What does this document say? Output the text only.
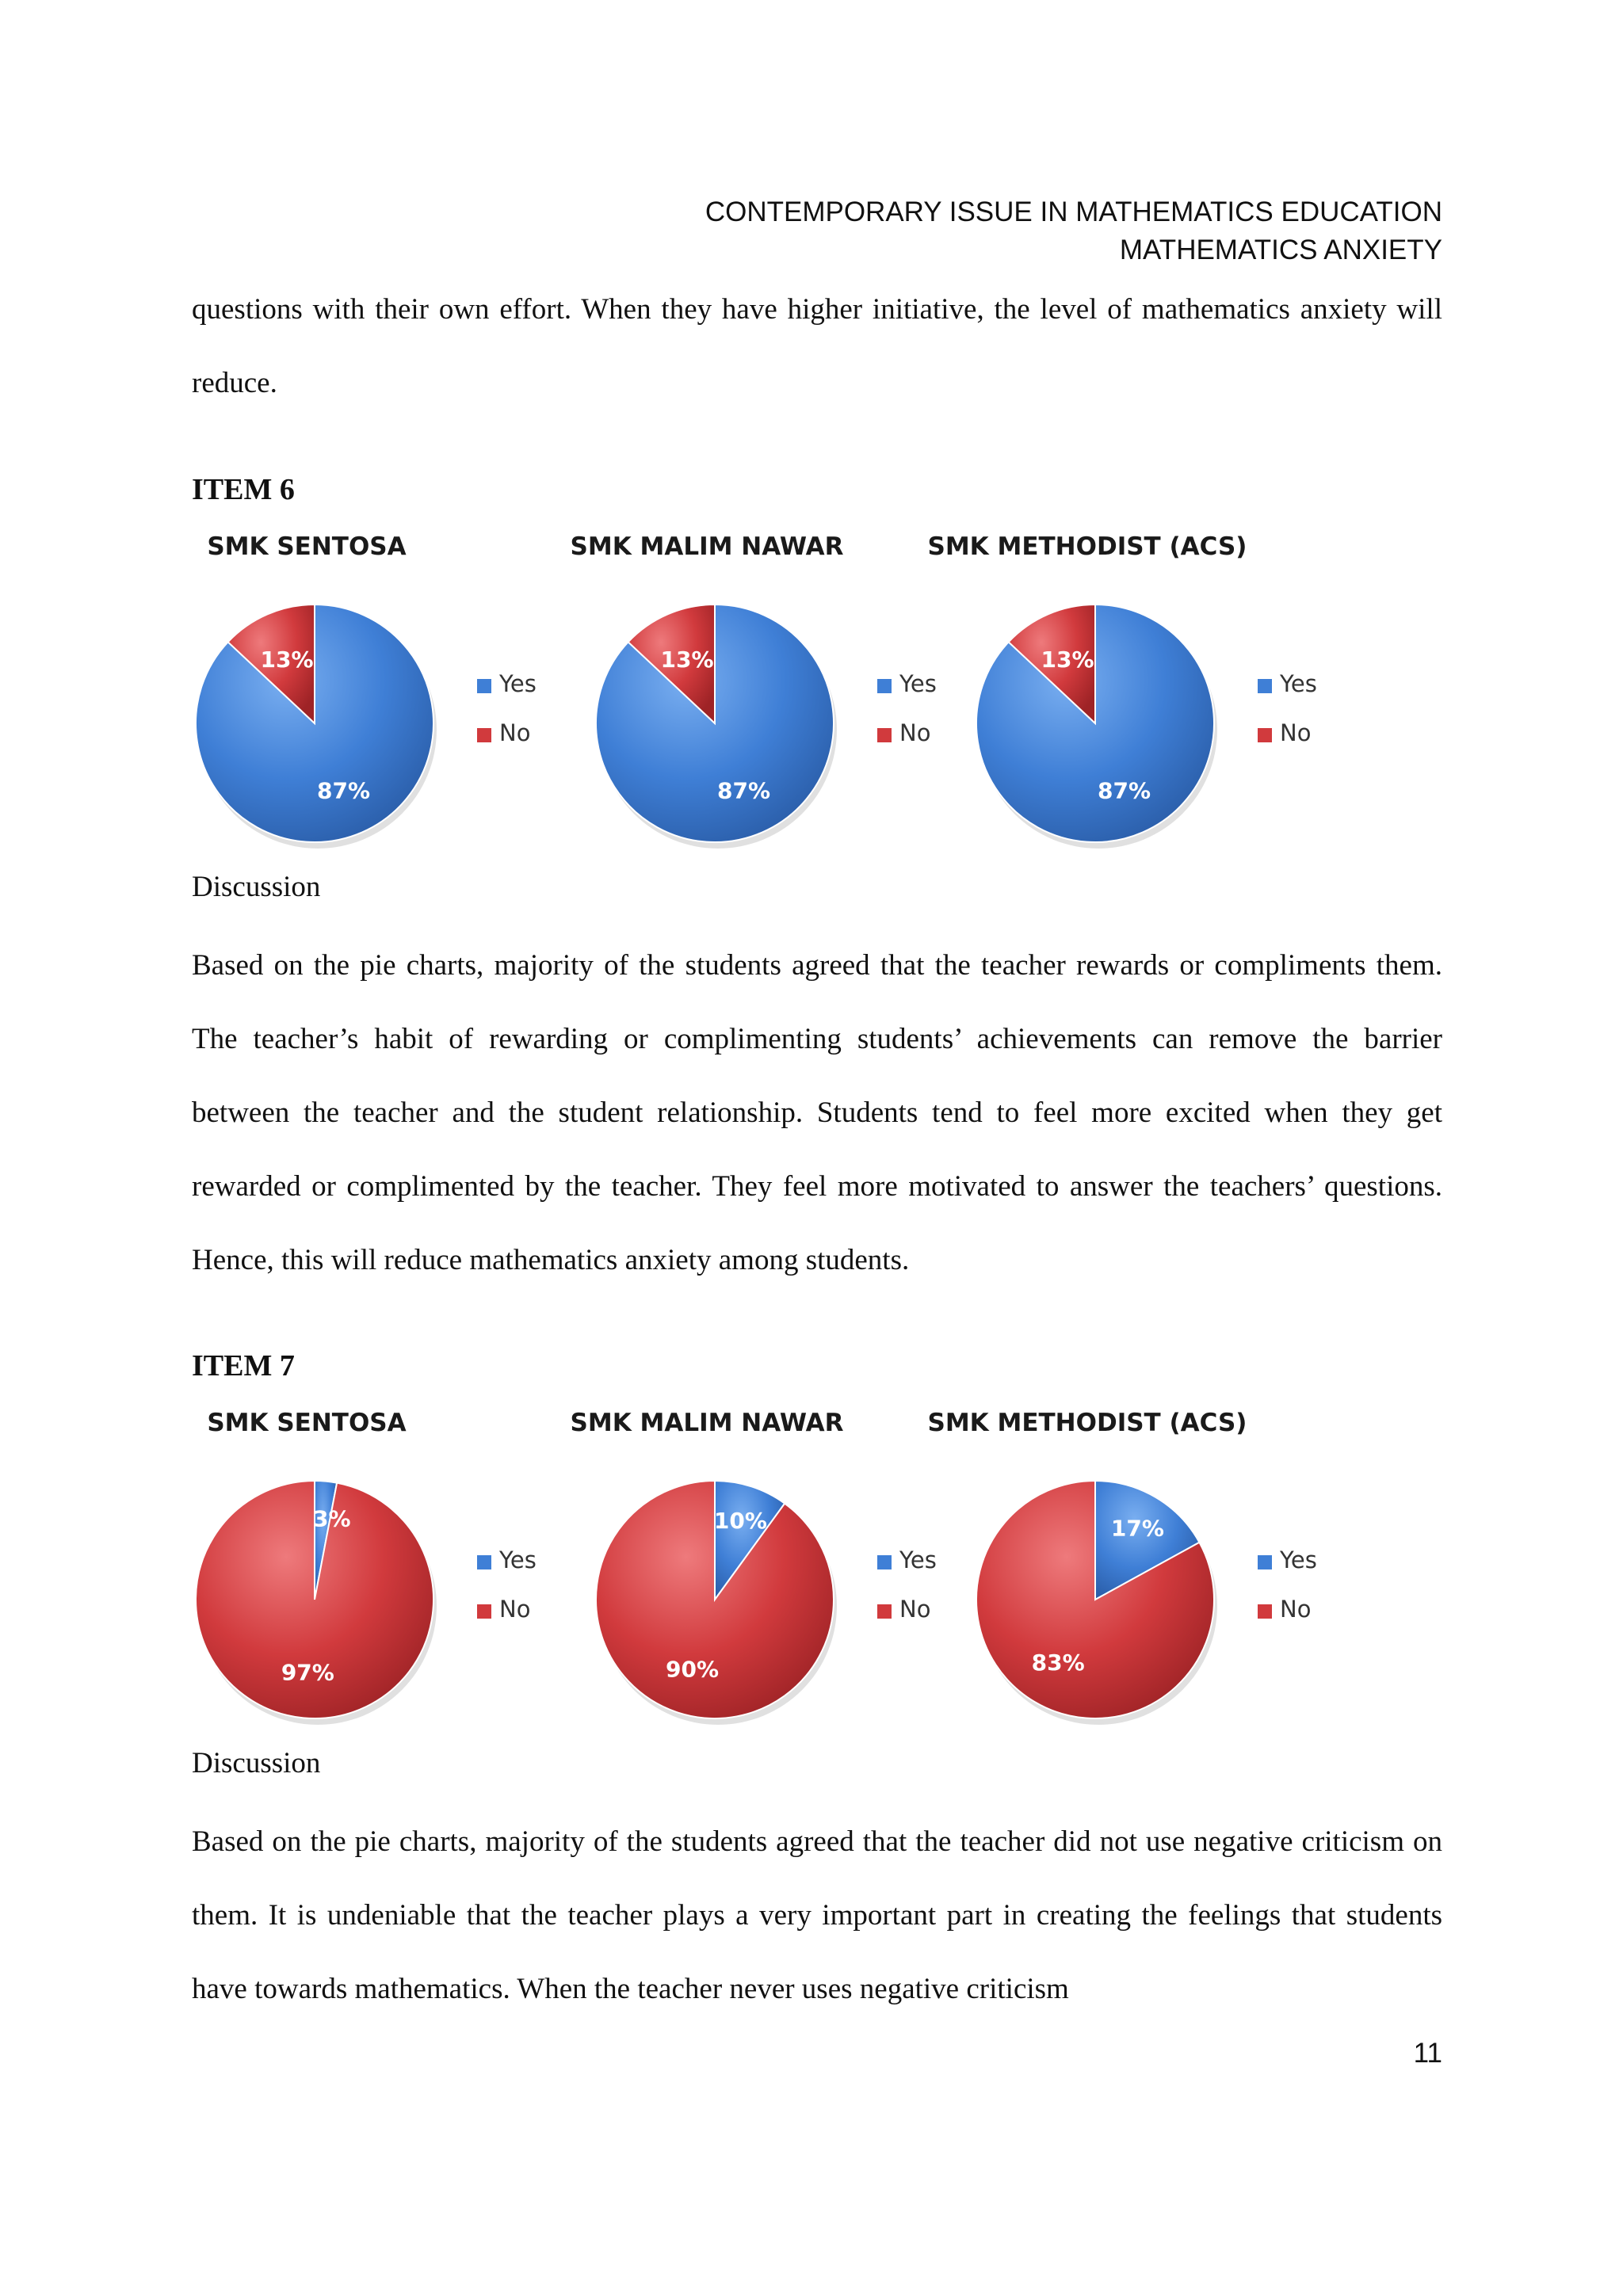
CONTEMPORARY ISSUE IN MATHEMATICS EDUCATION
MATHEMATICS ANXIETY

questions with their own effort. When they have higher initiative, the level of mathematics anxiety will reduce.

ITEM 6
SMK SENTOSA
87%
13%
Yes
No
SMK MALIM NAWAR
87%
13%
Yes
No
SMK METHODIST (ACS)
87%
13%
Yes
No

Discussion

Based on the pie charts, majority of the students agreed that the teacher rewards or compliments them. The teacher’s habit of rewarding or complimenting students’ achievements can remove the barrier between the teacher and the student relationship. Students tend to feel more excited when they get rewarded or complimented by the teacher. They feel more motivated to answer the teachers’ questions. Hence, this will reduce mathematics anxiety among students.

ITEM 7
SMK SENTOSA
3%
97%
Yes
No
SMK MALIM NAWAR
10%
90%
Yes
No
SMK METHODIST (ACS)
17%
83%
Yes
No

Discussion

Based on the pie charts, majority of the students agreed that the teacher did not use negative criticism on them. It is undeniable that the teacher plays a very important part in creating the feelings that students have towards mathematics. When the teacher never uses negative criticism

11
